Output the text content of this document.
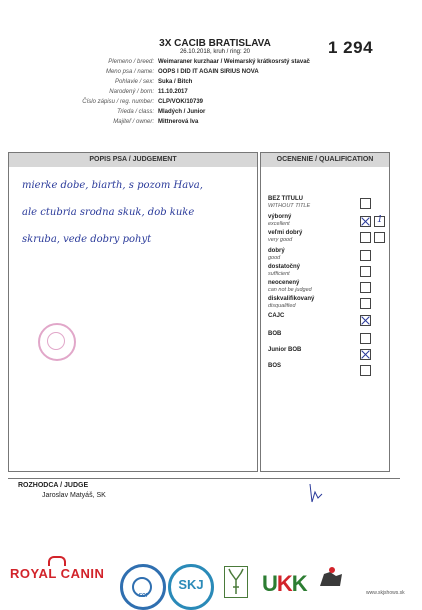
3X CACIB BRATISLAVA
26.10.2018, kruh / ring: 20	1 294
Plemeno / breed: Weimaraner kurzhaar / Weimarský krátkosrstý stavač
Meno psa / name: OOPS I DID IT AGAIN SIRIUS NOVA
Pohlavie / sex: Suka / Bitch
Narodený / born: 11.10.2017
Číslo zápisu / reg. number: CLP/VOK/10739
Trieda / class: Mladých / Junior
Majiteľ / owner: Mittnerová Iva
POPIS PSA / JUDGEMENT
mierke dobe, biarth, s pozom Hava,
ale ctubria srodna skuk, dob kuke
skruba, vede dobry pohyt
OCENENIE / QUALIFICATION
BEZ TITULU
WITHOUT TITLE
výborný
excellent	1
veľmi dobrý
very good
dobrý
good
dostatočný
sufficient
neocenený
can not be judged
diskvalifikovaný
disqualified
CAJC
BOB
Junior BOB
BOS
ROZHODCA / JUDGE
Jaroslav Matyáš, SK
ROYAL CANIN
FCI
SKJ	UKK	www.skjshows.sk
